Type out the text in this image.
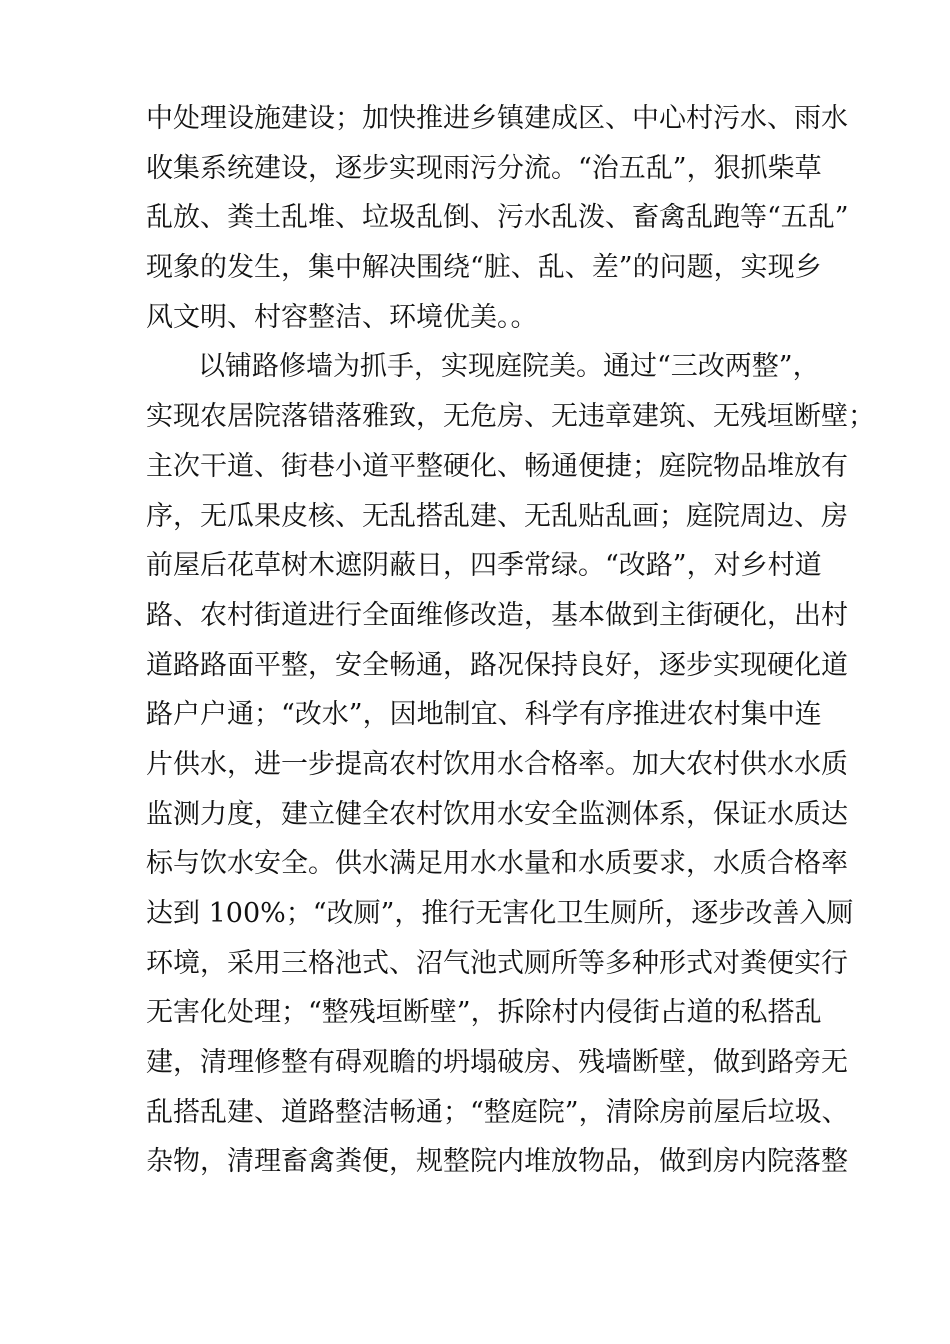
中处理设施建设；加快推进乡镇建成区、中心村污水、雨水
收集系统建设，逐步实现雨污分流。“治五乱”，狠抓柴草
乱放、粪土乱堆、垃圾乱倒、污水乱泼、畜禽乱跑等“五乱”
现象的发生，集中解决围绕“脏、乱、差”的问题，实现乡
风文明、村容整洁、环境优美。。
以铺路修墙为抓手，实现庭院美。通过“三改两整”，
实现农居院落错落雅致，无危房、无违章建筑、无残垣断壁；
主次干道、街巷小道平整硬化、畅通便捷；庭院物品堆放有
序，无瓜果皮核、无乱搭乱建、无乱贴乱画；庭院周边、房
前屋后花草树木遮阴蔽日，四季常绿。“改路”，对乡村道
路、农村街道进行全面维修改造，基本做到主街硬化，出村
道路路面平整，安全畅通，路况保持良好，逐步实现硬化道
路户户通；“改水”，因地制宜、科学有序推进农村集中连
片供水，进一步提高农村饮用水合格率。加大农村供水水质
监测力度，建立健全农村饮用水安全监测体系，保证水质达
标与饮水安全。供水满足用水水量和水质要求，水质合格率
达到 100%；“改厕”，推行无害化卫生厕所，逐步改善入厕
环境，采用三格池式、沼气池式厕所等多种形式对粪便实行
无害化处理；“整残垣断壁”，拆除村内侵街占道的私搭乱
建，清理修整有碍观瞻的坍塌破房、残墙断壁，做到路旁无
乱搭乱建、道路整洁畅通；“整庭院”，清除房前屋后垃圾、
杂物，清理畜禽粪便，规整院内堆放物品，做到房内院落整
